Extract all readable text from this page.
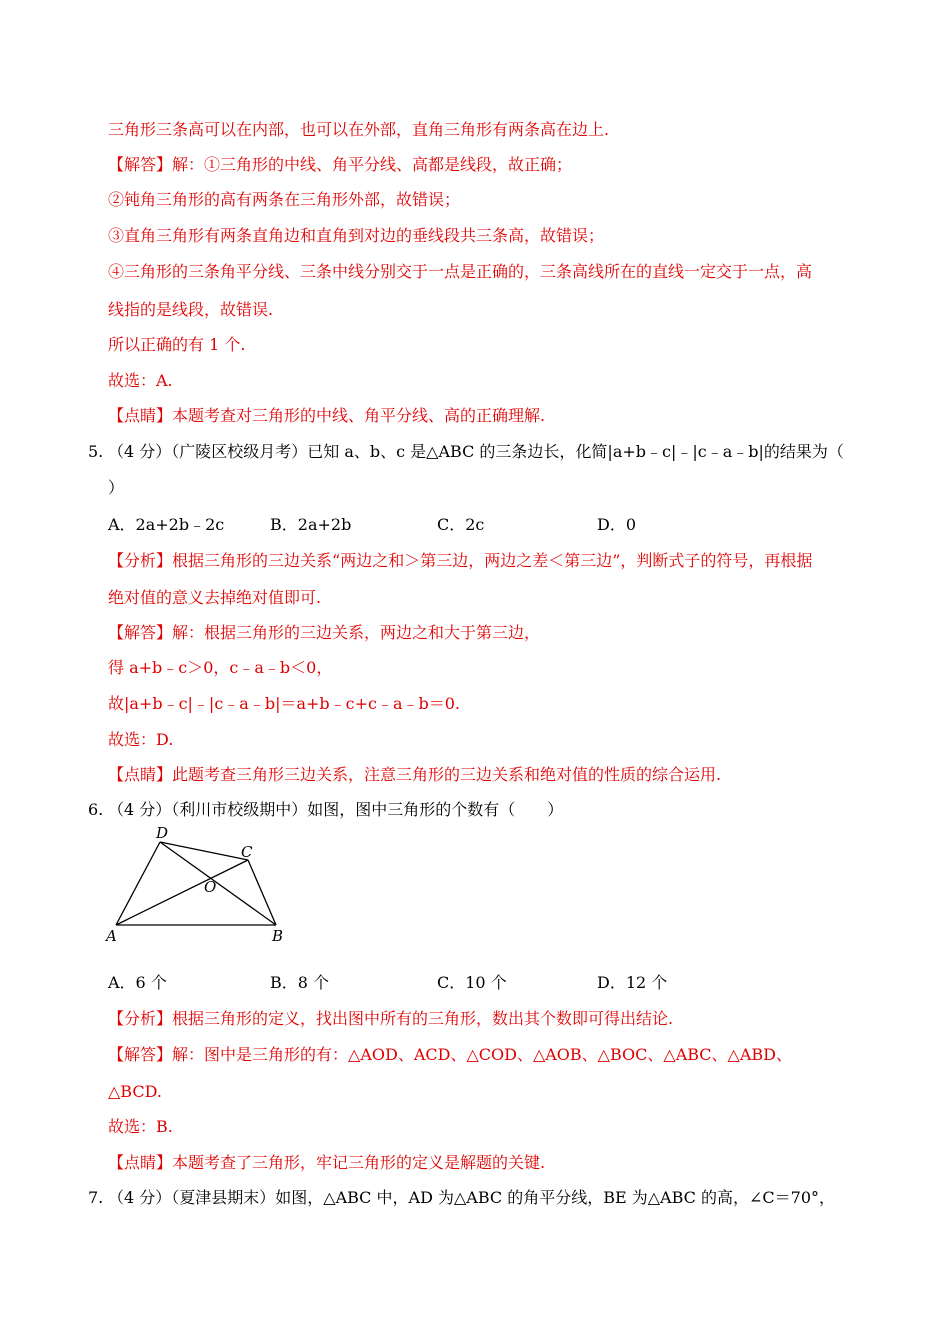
三角形三条高可以在内部，也可以在外部，直角三角形有两条高在边上.
【解答】解：①三角形的中线、角平分线、高都是线段，故正确；
②钝角三角形的高有两条在三角形外部，故错误；
③直角三角形有两条直角边和直角到对边的垂线段共三条高，故错误；
④三角形的三条角平分线、三条中线分别交于一点是正确的，三条高线所在的直线一定交于一点，高
线指的是线段，故错误.
所以正确的有 1 个.
故选：A.
【点睛】本题考查对三角形的中线、角平分线、高的正确理解.
5. （4 分）（广陵区校级月考）已知 a、b、c 是△ABC 的三条边长，化简|a+b﹣c|﹣|c﹣a﹣b|的结果为（
）
A．2a+2b﹣2c	B．2a+2b	C．2c	D．0
【分析】根据三角形的三边关系“两边之和＞第三边，两边之差＜第三边”，判断式子的符号，再根据
绝对值的意义去掉绝对值即可.
【解答】解：根据三角形的三边关系，两边之和大于第三边，
得 a+b﹣c＞0，c﹣a﹣b＜0，
故|a+b﹣c|﹣|c﹣a﹣b|＝a+b﹣c+c﹣a﹣b＝0.
故选：D.
【点睛】此题考查三角形三边关系，注意三角形的三边关系和绝对值的性质的综合运用.
6. （4 分）（利川市校级期中）如图，图中三角形的个数有（　　）
D
C
O
A	B
A．6 个	B．8 个	C．10 个	D．12 个
【分析】根据三角形的定义，找出图中所有的三角形，数出其个数即可得出结论.
【解答】解：图中是三角形的有：△AOD、ACD、△COD、△AOB、△BOC、△ABC、△ABD、
△BCD.
故选：B.
【点睛】本题考查了三角形，牢记三角形的定义是解题的关键.
7. （4 分）（夏津县期末）如图，△ABC 中，AD 为△ABC 的角平分线，BE 为△ABC 的高，∠C＝70°，
